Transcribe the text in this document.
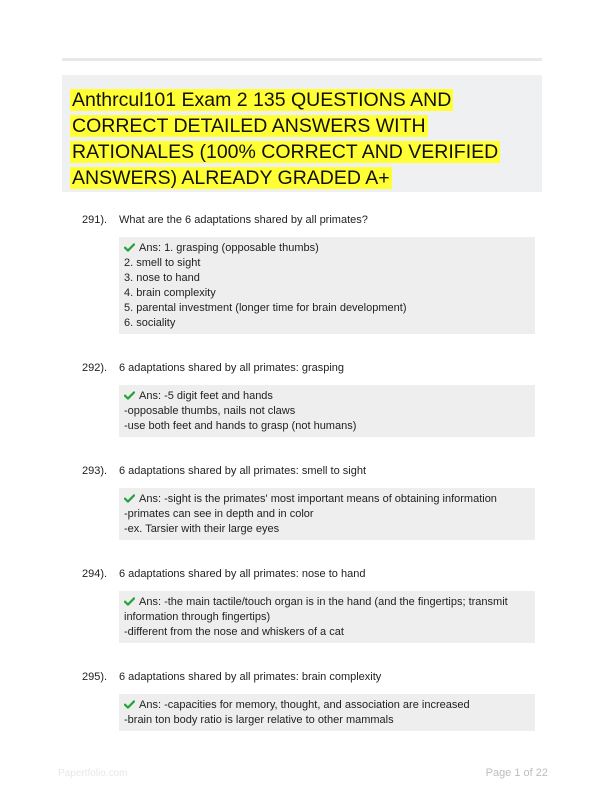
Anthrcul101 Exam 2 135 QUESTIONS AND CORRECT DETAILED ANSWERS WITH RATIONALES (100% CORRECT AND VERIFIED ANSWERS) ALREADY GRADED A+
291). What are the 6 adaptations shared by all primates?
Ans: 1. grasping (opposable thumbs)
2. smell to sight
3. nose to hand
4. brain complexity
5. parental investment (longer time for brain development)
6. sociality
292). 6 adaptations shared by all primates: grasping
Ans: -5 digit feet and hands
-opposable thumbs, nails not claws
-use both feet and hands to grasp (not humans)
293). 6 adaptations shared by all primates: smell to sight
Ans: -sight is the primates' most important means of obtaining information
-primates can see in depth and in color
-ex. Tarsier with their large eyes
294). 6 adaptations shared by all primates: nose to hand
Ans: -the main tactile/touch organ is in the hand (and the fingertips; transmit information through fingertips)
-different from the nose and whiskers of a cat
295). 6 adaptations shared by all primates: brain complexity
Ans: -capacities for memory, thought, and association are increased
-brain ton body ratio is larger relative to other mammals
Papertfolio.com	Page 1 of 22
